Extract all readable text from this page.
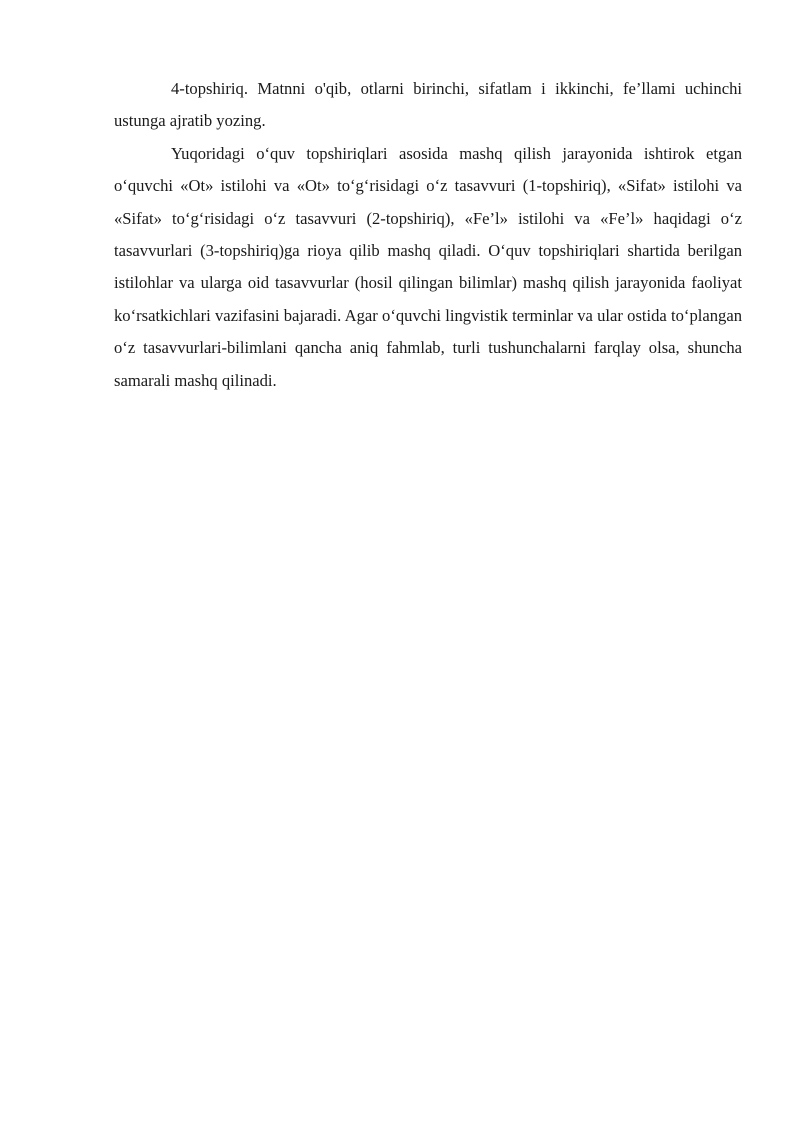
4-topshiriq. Matnni o'qib, otlarni birinchi, sifatlam i ikkinchi, fe’llami uchinchi ustunga ajratib yozing.

Yuqoridagi o‘quv topshiriqlari asosida mashq qilish jarayonida ishtirok etgan o‘quvchi «Ot» istilohi va «Ot» to‘g‘risidagi o‘z tasavvuri (1-topshiriq), «Sifat» istilohi va «Sifat» to‘g‘risidagi o‘z tasavvuri (2-topshiriq), «Fe’l» istilohi va «Fe’l» haqidagi o‘z tasavvurlari (3-topshiriq)ga rioya qilib mashq qiladi. O‘quv topshiriqlari shartida berilgan istilohlar va ularga oid tasavvurlar (hosil qilingan bilimlar) mashq qilish jarayonida faoliyat ko‘rsatkichlari vazifasini bajaradi. Agar o‘quvchi lingvistik terminlar va ular ostida to‘plangan o‘z tasavvurlari-bilimlani qancha aniq fahmlab, turli tushunchalarni farqlay olsa, shuncha samarali mashq qilinadi.
